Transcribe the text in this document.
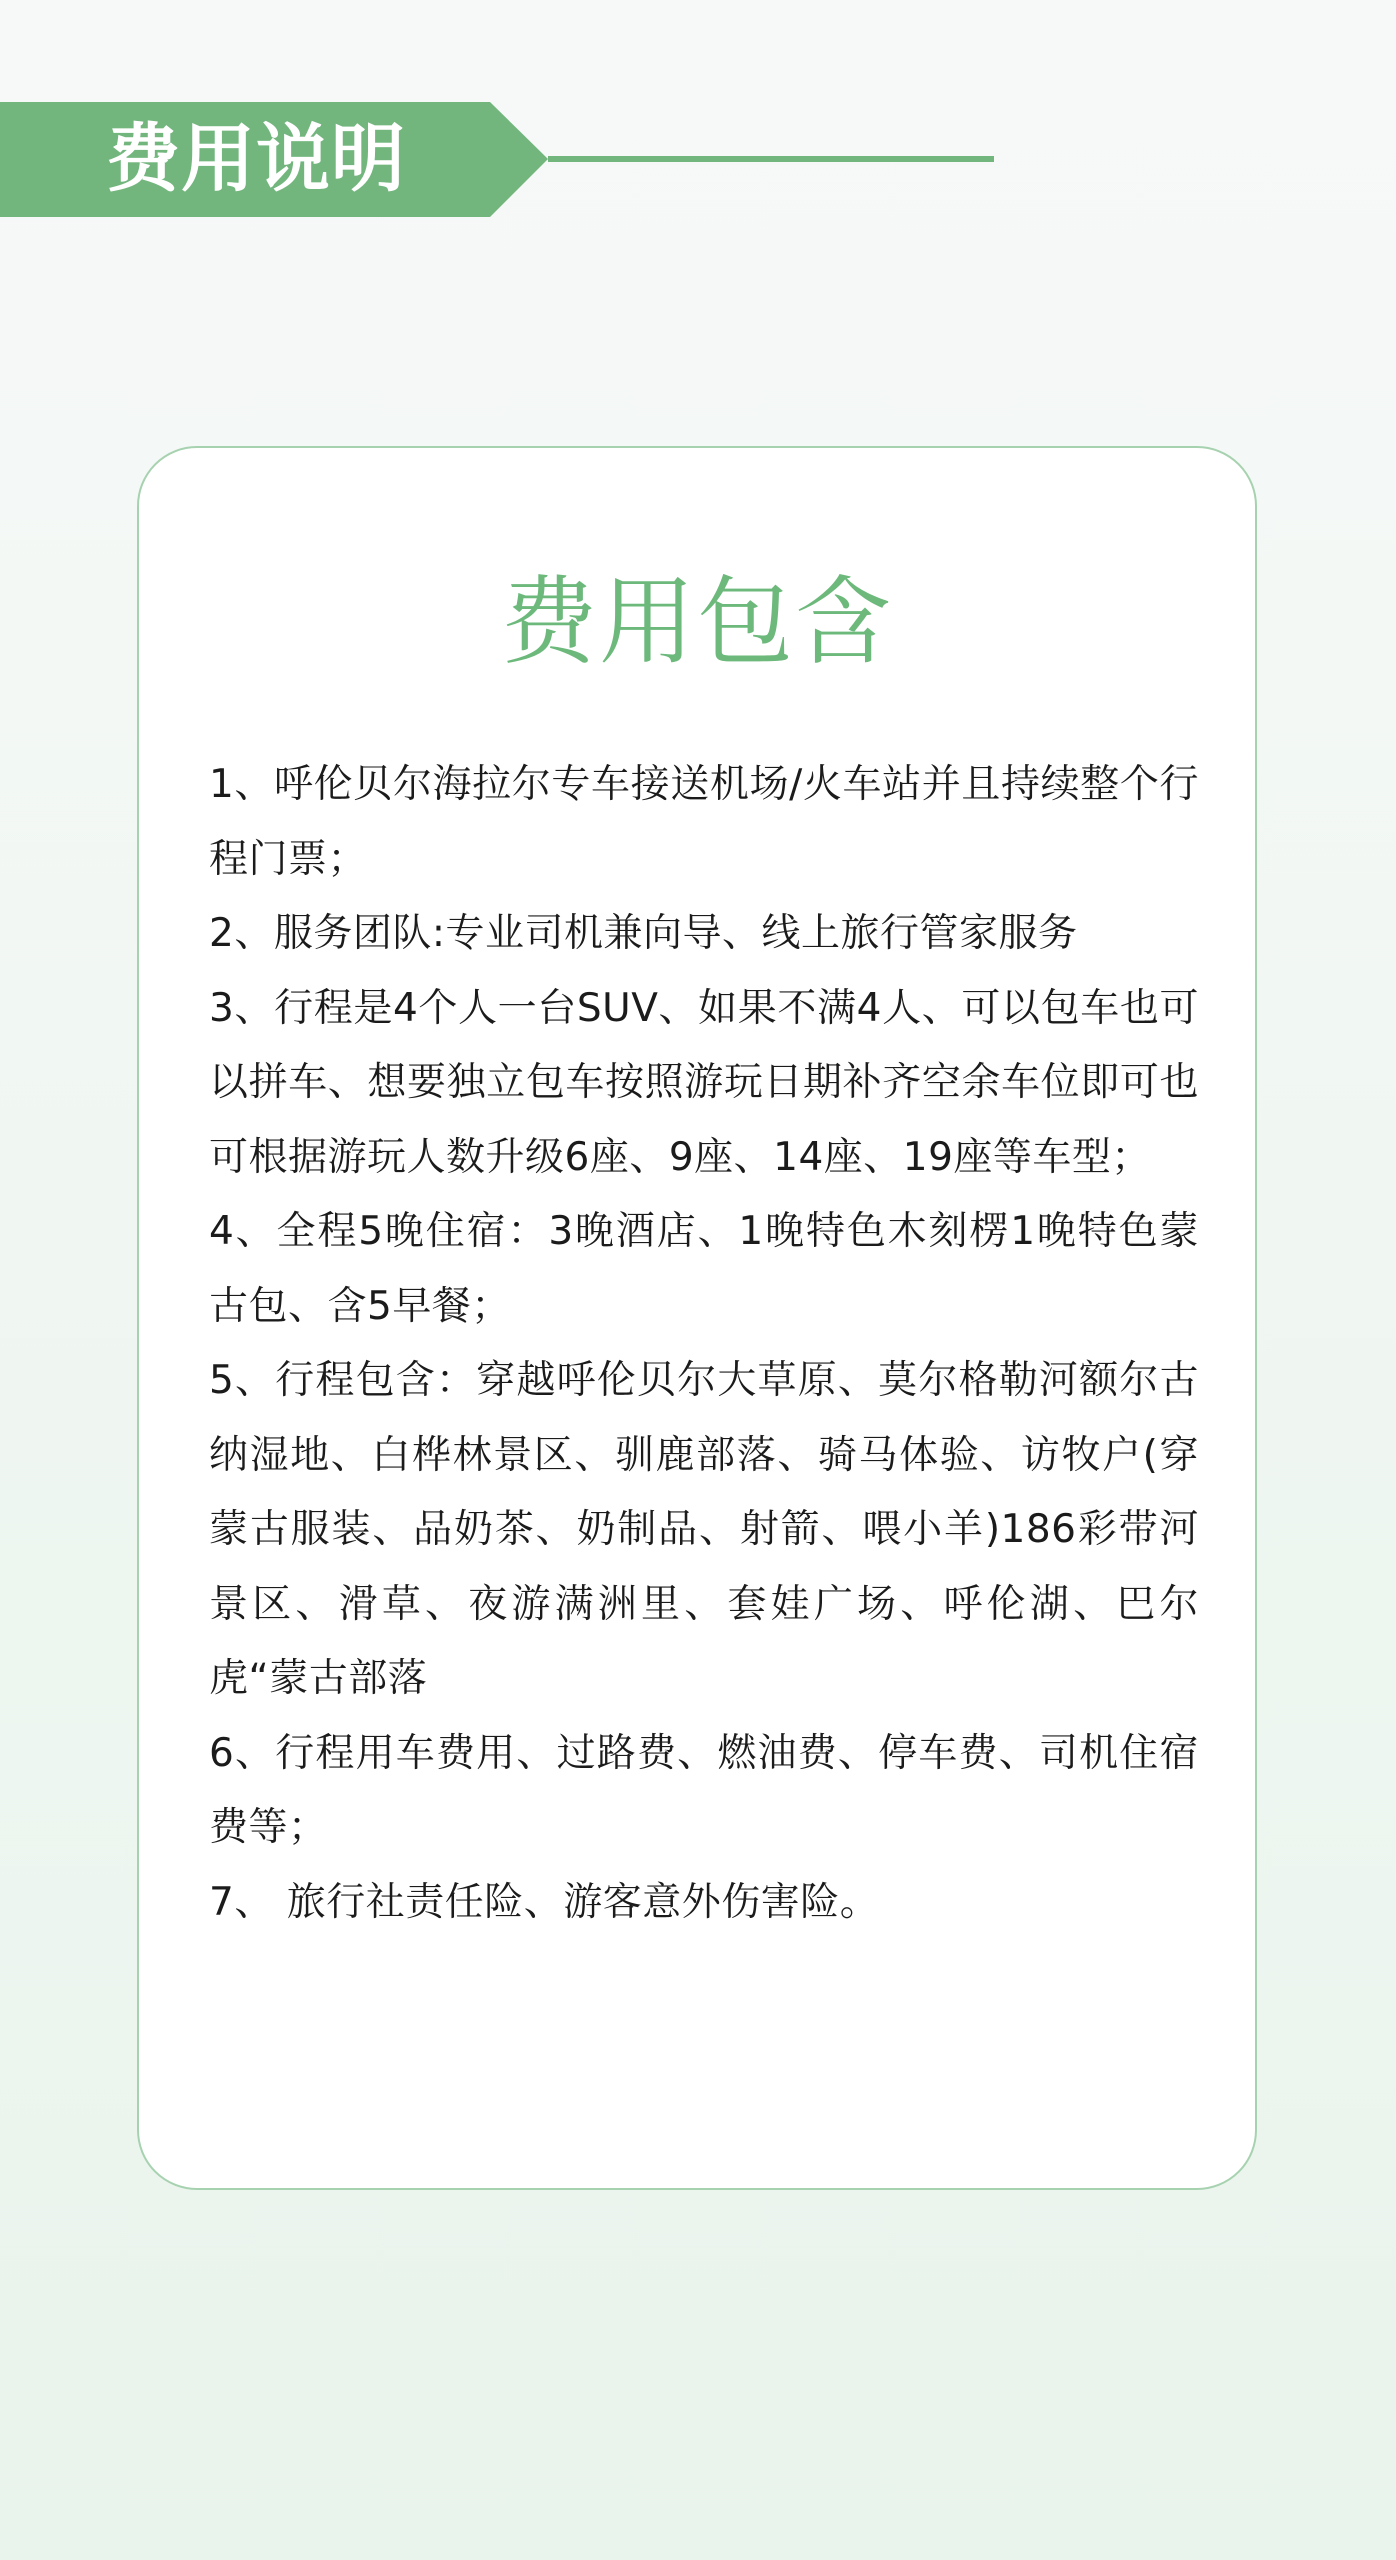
费用说明
费用包含
1、呼伦贝尔海拉尔专车接送机场/火车站并且持续整个行程门票；
2、服务团队:专业司机兼向导、线上旅行管家服务
3、行程是4个人一台SUV、如果不满4人、可以包车也可以拼车、想要独立包车按照游玩日期补齐空余车位即可也可根据游玩人数升级6座、9座、14座、19座等车型；
4、全程5晚住宿：3晚酒店、1晚特色木刻楞1晚特色蒙古包、含5早餐；
5、行程包含：穿越呼伦贝尔大草原、莫尔格勒河额尔古纳湿地、白桦林景区、驯鹿部落、骑马体验、访牧户(穿蒙古服装、品奶茶、奶制品、射箭、喂小羊)186彩带河景区、滑草、夜游满洲里、套娃广场、呼伦湖、巴尔虎“蒙古部落
6、行程用车费用、过路费、燃油费、停车费、司机住宿费等；
7、 旅行社责任险、游客意外伤害险。
